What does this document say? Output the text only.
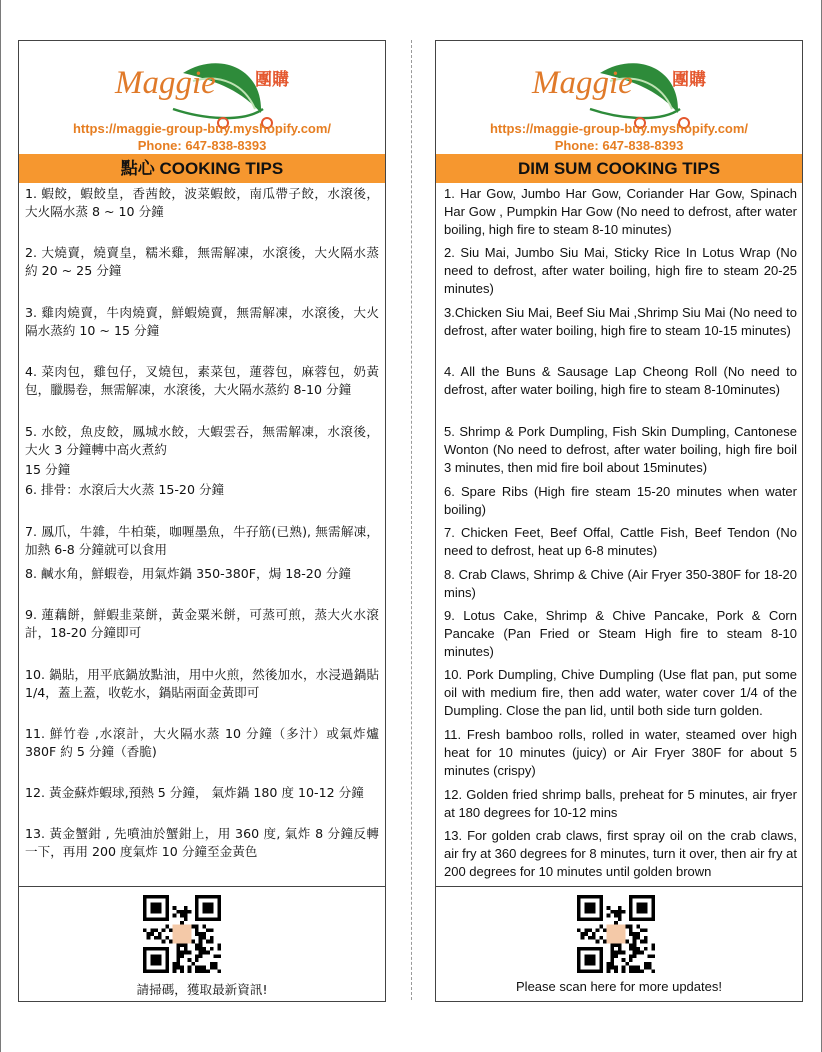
Maggie 團購
https://maggie-group-buy.myshopify.com/
Phone: 647-838-8393
點心 COOKING TIPS
1. 蝦餃，蝦餃皇，香茜餃，波菜蝦餃，南瓜帶子餃，水滾後，大火隔水蒸 8 ~ 10 分鐘
2. 大燒賣，燒賣皇，糯米雞，無需解凍，水滾後，大火隔水蒸約 20 ~ 25 分鐘
3. 雞肉燒賣，牛肉燒賣，鮮蝦燒賣，無需解凍，水滾後，大火隔水蒸約 10 ~ 15 分鐘
4. 菜肉包，雞包仔，叉燒包，素菜包，蓮蓉包，麻蓉包，奶黃包，臘腸卷，無需解凍，水滾後，大火隔水蒸約 8-10 分鐘
5. 水餃，魚皮餃，鳳城水餃，大蝦雲吞，無需解凍，水滾後，大火 3 分鐘轉中高火煮約
15 分鐘
6. 排骨：水滾后大火蒸 15-20 分鐘
7. 鳳爪，牛雜，牛柏葉，咖喱墨魚，牛孖筋(已熟), 無需解凍，加熱 6-8 分鐘就可以食用
8. 鹹水角，鮮蝦卷，用氣炸鍋 350-380F，焗 18-20 分鐘
9. 蓮藕餅，鮮蝦韭菜餅，黃金粟米餅，可蒸可煎，蒸大火水滾計，18-20 分鐘即可
10. 鍋貼，用平底鍋放點油，用中火煎，然後加水，水浸過鍋貼 1/4，蓋上蓋，收乾水，鍋貼兩面金黃即可
11. 鮮竹卷 ,水滾計，大火隔水蒸 10 分鐘（多汁）或氣炸爐 380F 約 5 分鐘（香脆)
12. 黃金蘇炸蝦球,預熱 5 分鐘， 氣炸鍋 180 度 10-12 分鐘
13. 黃金蟹鉗 , 先噴油於蟹鉗上，用 360 度, 氣炸 8 分鐘反轉一下，再用 200 度氣炸 10 分鐘至金黃色
請掃碼，獲取最新資訊!
Maggie 團購
https://maggie-group-buy.myshopify.com/
Phone: 647-838-8393
DIM SUM COOKING TIPS
1. Har Gow, Jumbo Har Gow, Coriander Har Gow, Spinach Har Gow , Pumpkin Har Gow (No need to defrost, after water boiling, high fire to steam 8-10 minutes)
2. Siu Mai, Jumbo Siu Mai, Sticky Rice In Lotus Wrap (No need to defrost, after water boiling, high fire to steam 20-25 minutes)
3.Chicken Siu Mai, Beef Siu Mai ,Shrimp Siu Mai (No need to defrost, after water boiling, high fire to steam 10-15 minutes)
4. All the Buns & Sausage Lap Cheong Roll (No need to defrost, after water boiling, high fire to steam 8-10minutes)
5. Shrimp & Pork Dumpling, Fish Skin Dumpling, Cantonese Wonton (No need to defrost, after water boiling, high fire boil 3 minutes, then mid fire boil about 15minutes)
6. Spare Ribs (High fire steam 15-20 minutes when water boiling)
7. Chicken Feet, Beef Offal, Cattle Fish, Beef Tendon (No need to defrost, heat up 6-8 minutes)
8. Crab Claws, Shrimp & Chive (Air Fryer 350-380F for 18-20 mins)
9. Lotus Cake, Shrimp & Chive Pancake, Pork & Corn Pancake (Pan Fried or Steam High fire to steam 8-10 minutes)
10. Pork Dumpling, Chive Dumpling (Use flat pan, put some oil with medium fire, then add water, water cover 1/4 of the Dumpling. Close the pan lid, until both side turn golden.
11. Fresh bamboo rolls, rolled in water, steamed over high heat for 10 minutes (juicy) or Air Fryer 380F for about 5 minutes (crispy)
12. Golden fried shrimp balls, preheat for 5 minutes, air fryer at 180 degrees for 10-12 mins
13. For golden crab claws, first spray oil on the crab claws, air fry at 360 degrees for 8 minutes, turn it over, then air fry at 200 degrees for 10 minutes until golden brown
Please scan here for more updates!
